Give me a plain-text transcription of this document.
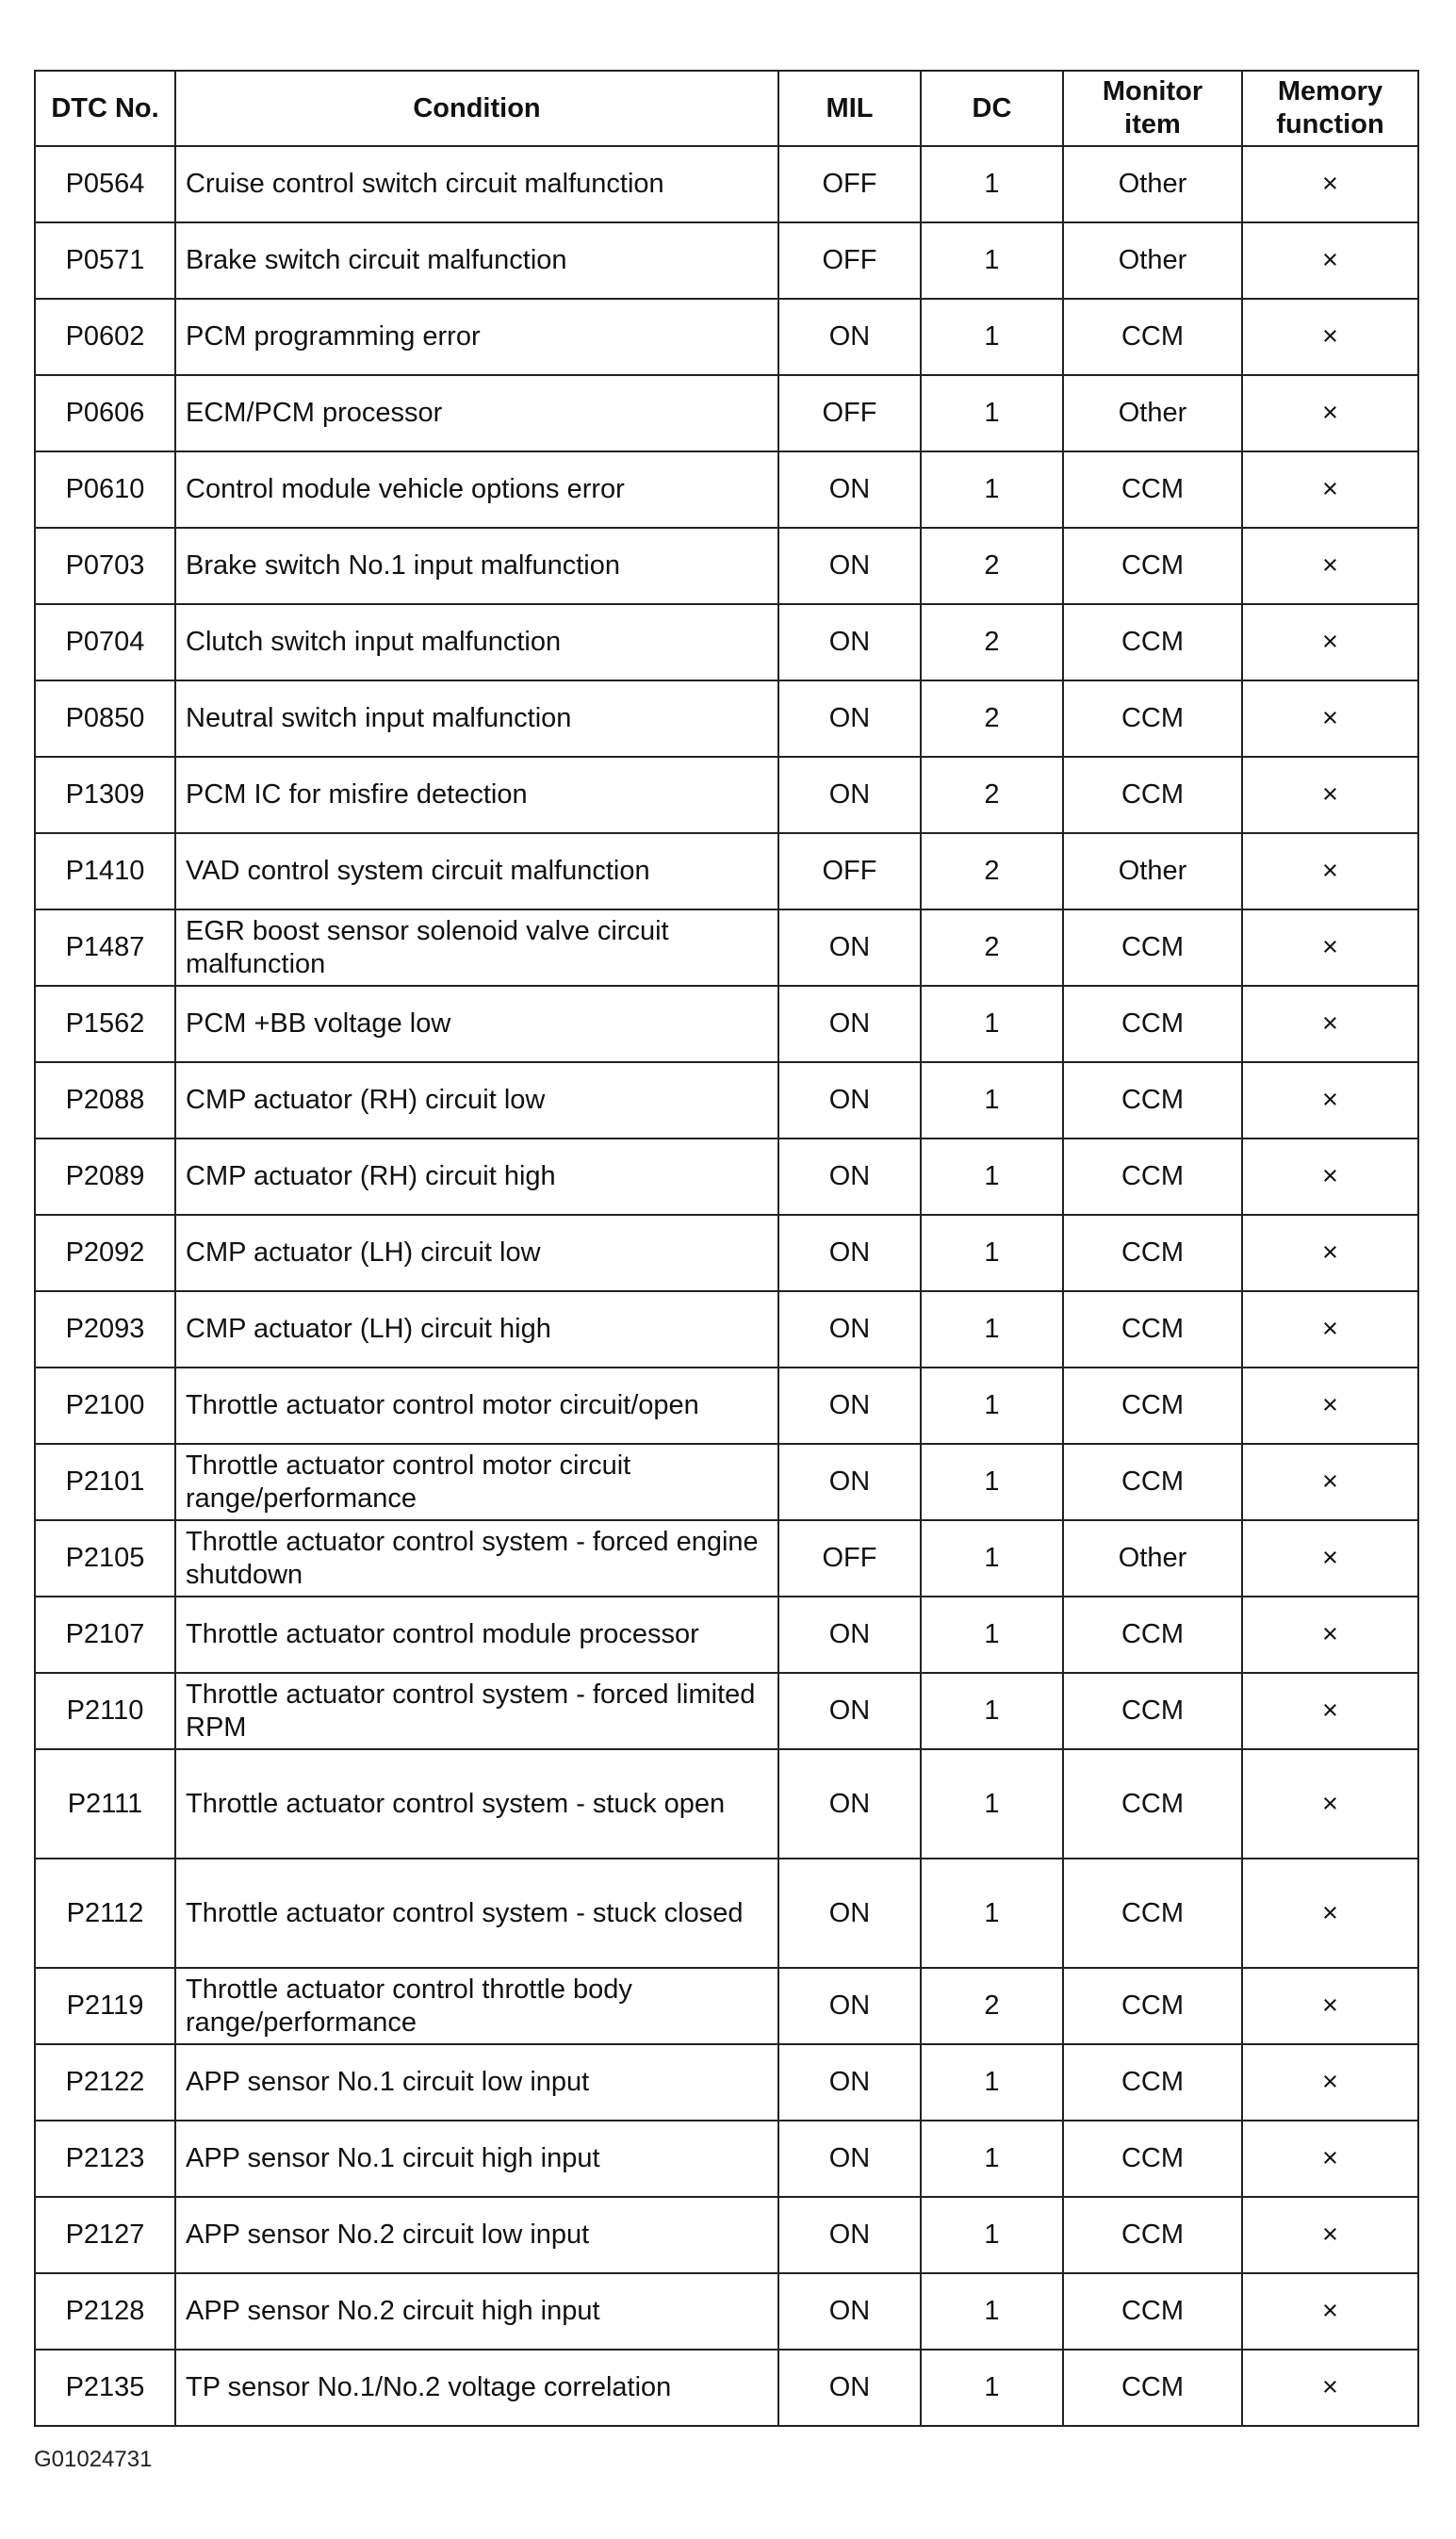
DTC No.	Condition	MIL	DC	Monitor item	Memory function
P0564	Cruise control switch circuit malfunction	OFF	1	Other	×
P0571	Brake switch circuit malfunction	OFF	1	Other	×
P0602	PCM programming error	ON	1	CCM	×
P0606	ECM/PCM processor	OFF	1	Other	×
P0610	Control module vehicle options error	ON	1	CCM	×
P0703	Brake switch No.1 input malfunction	ON	2	CCM	×
P0704	Clutch switch input malfunction	ON	2	CCM	×
P0850	Neutral switch input malfunction	ON	2	CCM	×
P1309	PCM IC for misfire detection	ON	2	CCM	×
P1410	VAD control system circuit malfunction	OFF	2	Other	×
P1487	EGR boost sensor solenoid valve circuit malfunction	ON	2	CCM	×
P1562	PCM +BB voltage low	ON	1	CCM	×
P2088	CMP actuator (RH) circuit low	ON	1	CCM	×
P2089	CMP actuator (RH) circuit high	ON	1	CCM	×
P2092	CMP actuator (LH) circuit low	ON	1	CCM	×
P2093	CMP actuator (LH) circuit high	ON	1	CCM	×
P2100	Throttle actuator control motor circuit/open	ON	1	CCM	×
P2101	Throttle actuator control motor circuit range/performance	ON	1	CCM	×
P2105	Throttle actuator control system - forced engine shutdown	OFF	1	Other	×
P2107	Throttle actuator control module processor	ON	1	CCM	×
P2110	Throttle actuator control system - forced limited RPM	ON	1	CCM	×
P2111	Throttle actuator control system - stuck open	ON	1	CCM	×
P2112	Throttle actuator control system - stuck closed	ON	1	CCM	×
P2119	Throttle actuator control throttle body range/performance	ON	2	CCM	×
P2122	APP sensor No.1 circuit low input	ON	1	CCM	×
P2123	APP sensor No.1 circuit high input	ON	1	CCM	×
P2127	APP sensor No.2 circuit low input	ON	1	CCM	×
P2128	APP sensor No.2 circuit high input	ON	1	CCM	×
P2135	TP sensor No.1/No.2 voltage correlation	ON	1	CCM	×
G01024731
